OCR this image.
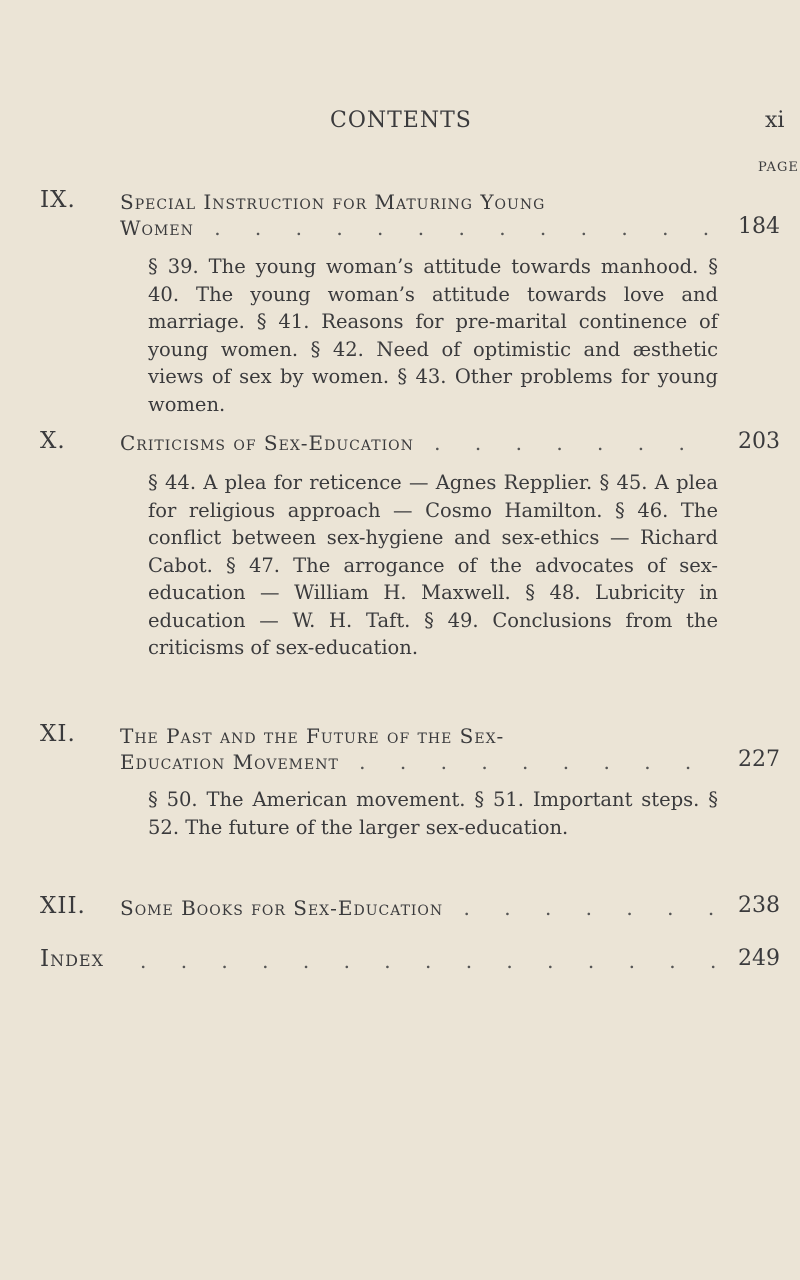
CONTENTS	xi
PAGE
IX. Special Instruction for Maturing Young
Women . . .	184

§ 39. The young woman’s attitude towards manhood. § 40. The young woman’s attitude towards love and marriage. § 41. Reasons for pre-marital continence of young women. § 42. Need of optimistic and æsthetic views of sex by women. § 43. Other problems for young women.

X.	Criticisms of Sex-Education . . .	203

§ 44. A plea for reticence — Agnes Repplier. § 45. A plea for religious approach — Cosmo Hamilton. § 46. The conflict between sex-hygiene and sex-ethics — Richard Cabot. § 47. The arrogance of the advocates of sex-education — William H. Maxwell. § 48. Lubricity in education — W. H. Taft. § 49. Conclusions from the criticisms of sex-education.

XI. The Past and the Future of the Sex-
Education Movement . . .	227

§ 50. The American movement. § 51. Important steps. § 52. The future of the larger sex-education.

XII. Some Books for Sex-Education . . .	238
Index . . .	249
